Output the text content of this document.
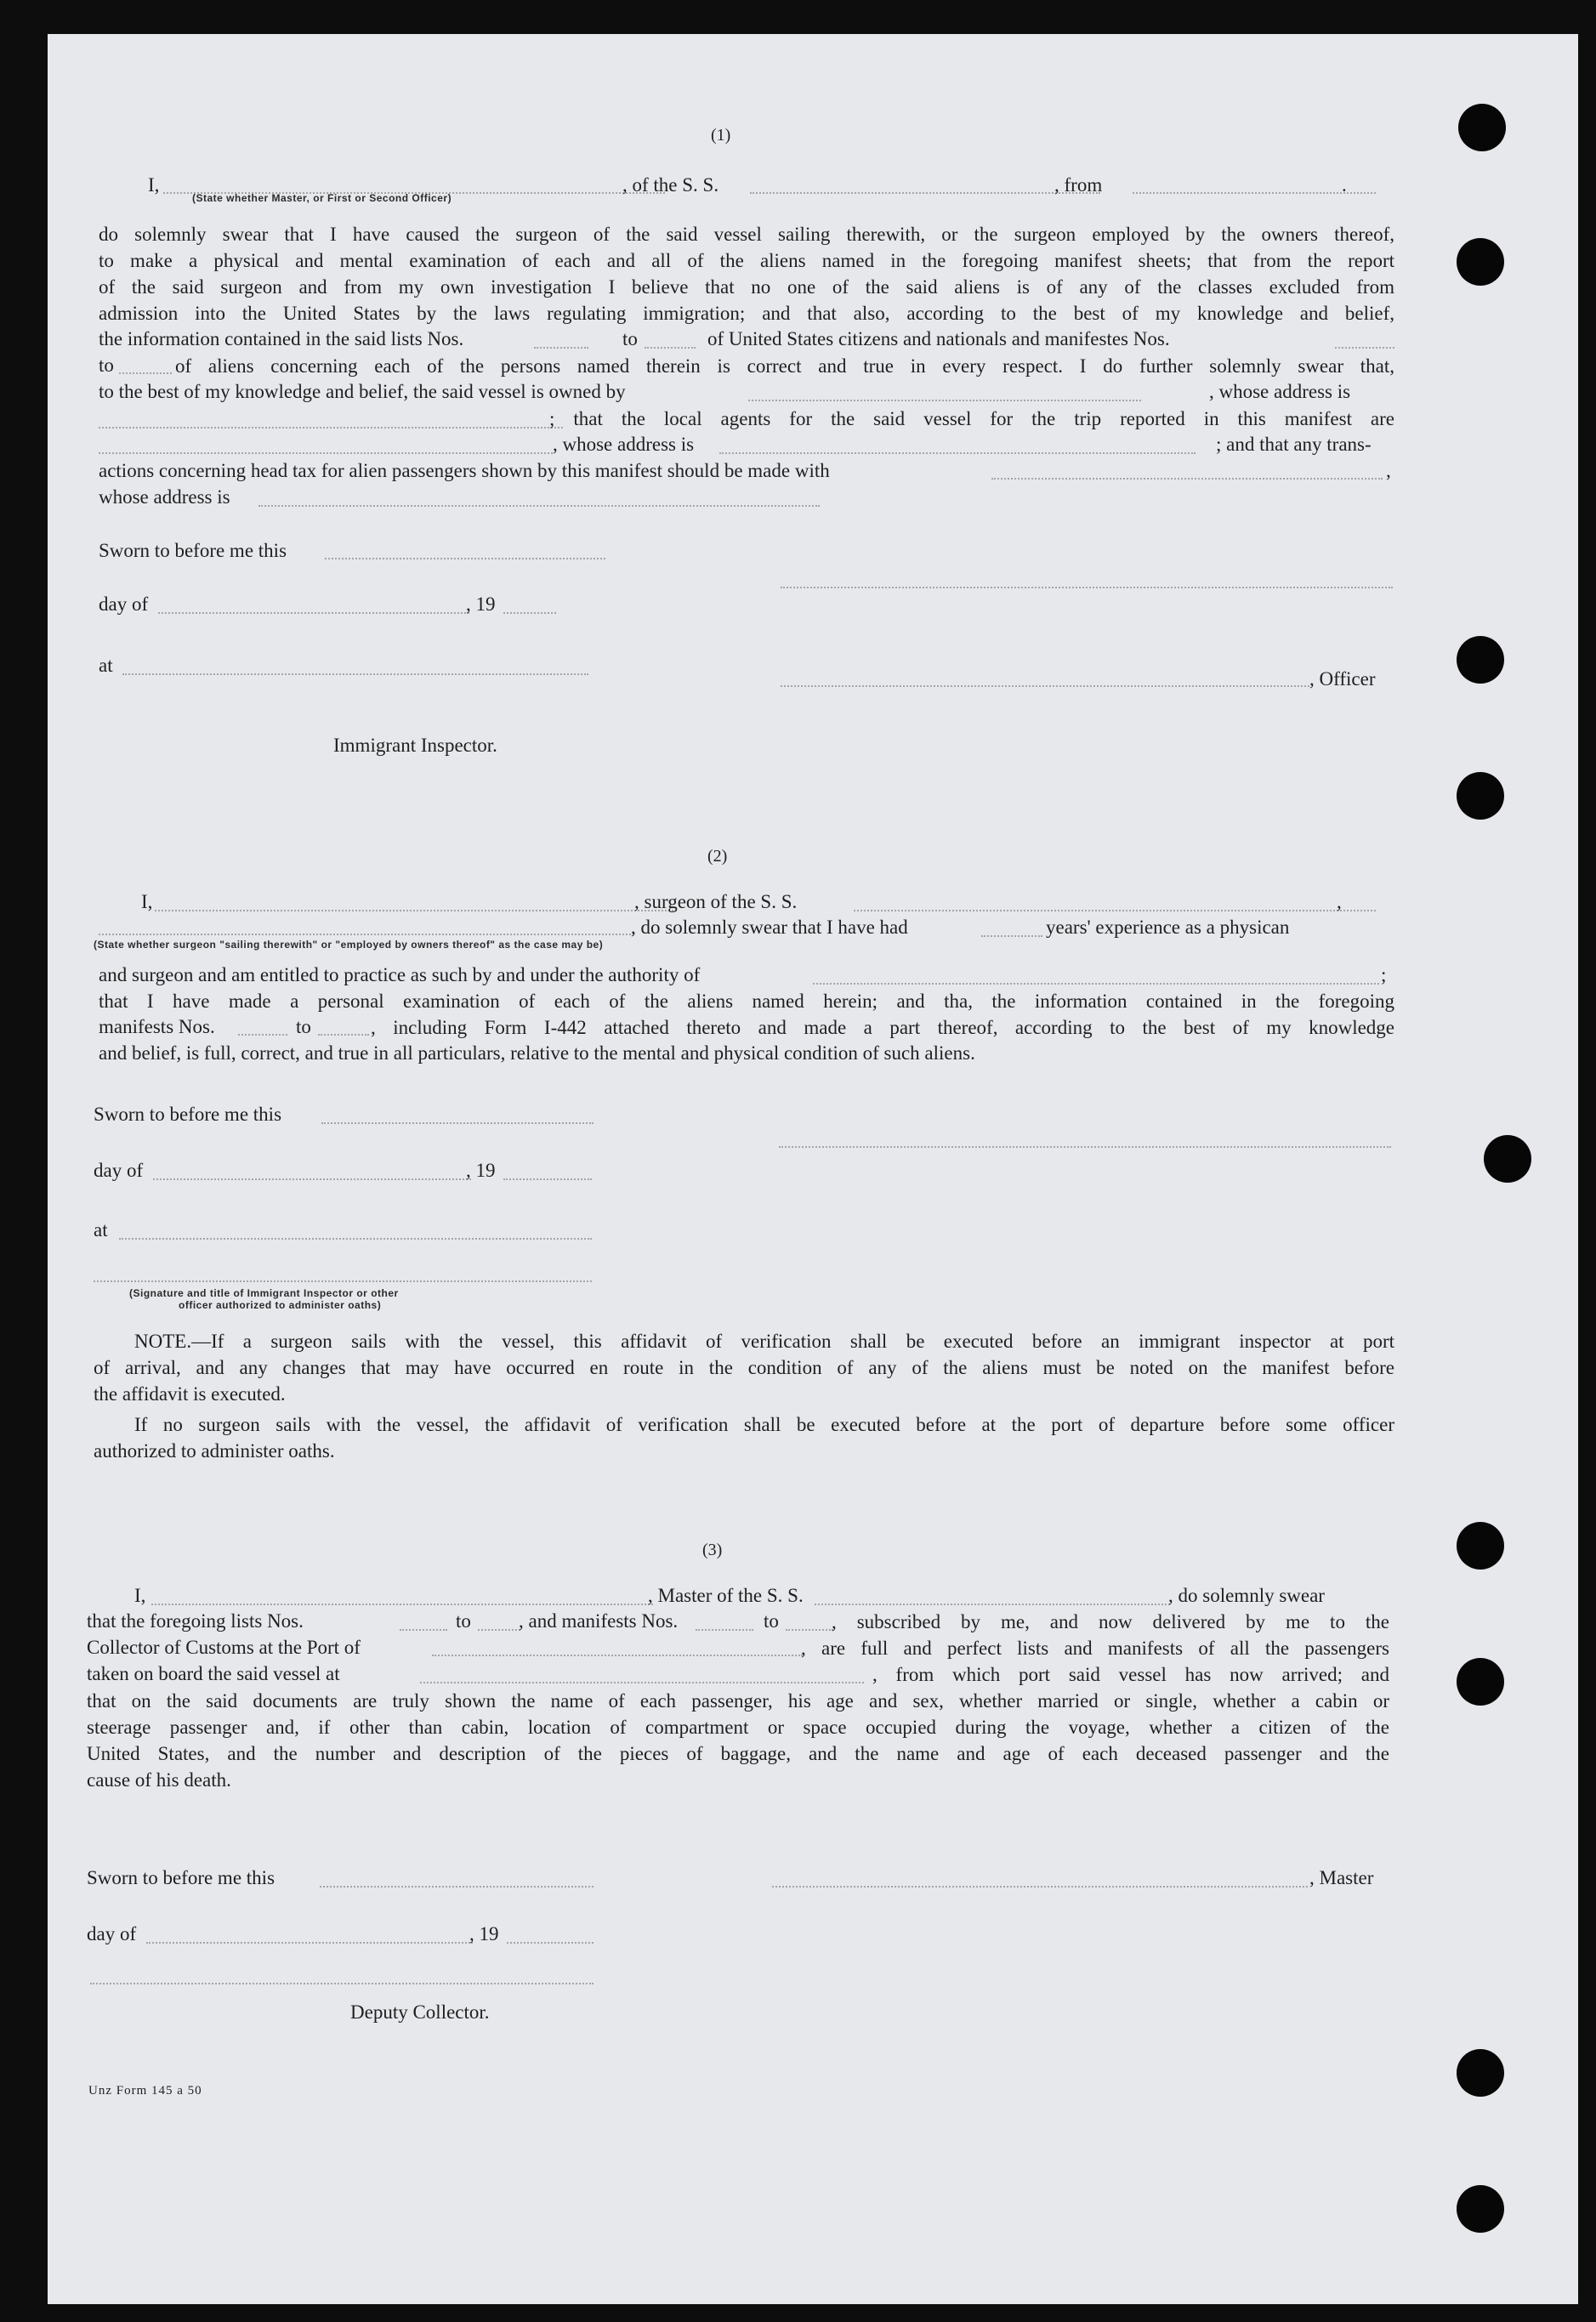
(1)
I,	, of the S. S.	, from	.
(State whether Master, or First or Second Officer)
do solemnly swear that I have caused the surgeon of the said vessel sailing therewith, or the surgeon employed by the owners thereof,
to make a physical and mental examination of each and all of the aliens named in the foregoing manifest sheets; that from the report
of the said surgeon and from my own investigation I believe that no one of the said aliens is of any of the classes excluded from
admission into the United States by the laws regulating immigration; and that also, according to the best of my knowledge and belief,
the information contained in the said lists Nos.	to	of United States citizens and nationals and manifestes Nos.
to	of aliens concerning each of the persons named therein is correct and true in every respect. I do further solemnly swear that,
to the best of my knowledge and belief, the said vessel is owned by	, whose address is
; that the local agents for the said vessel for the trip reported in this manifest are
, whose address is	; and that any trans-
actions concerning head tax for alien passengers shown by this manifest should be made with	,
whose address is
Sworn to before me this
day of	, 19
at
, Officer
Immigrant Inspector.
(2)
I,	, surgeon of the S. S.	,
, do solemnly swear that I have had	years' experience as a physican
(State whether surgeon "sailing therewith" or "employed by owners thereof" as the case may be)
and surgeon and am entitled to practice as such by and under the authority of	;
that I have made a personal examination of each of the aliens named herein; and tha, the information contained in the foregoing
manifests Nos.	to	, including Form I-442 attached thereto and made a part thereof, according to the best of my knowledge
and belief, is full, correct, and true in all particulars, relative to the mental and physical condition of such aliens.
Sworn to before me this
day of	, 19
at
(Signature and title of Immigrant Inspector or other
officer authorized to administer oaths)
NOTE.—If a surgeon sails with the vessel, this affidavit of verification shall be executed before an immigrant inspector at port
of arrival, and any changes that may have occurred en route in the condition of any of the aliens must be noted on the manifest before
the affidavit is executed.
If no surgeon sails with the vessel, the affidavit of verification shall be executed before at the port of departure before some officer
authorized to administer oaths.
(3)
I,	, Master of the S. S.	, do solemnly swear
that the foregoing lists Nos.	to , and manifests Nos.	to	, subscribed by me, and now delivered by me to the
Collector of Customs at the Port of	, are full and perfect lists and manifests of all the passengers
taken on board the said vessel at	, from which port said vessel has now arrived; and
that on the said documents are truly shown the name of each passenger, his age and sex, whether married or single, whether a cabin or
steerage passenger and, if other than cabin, location of compartment or space occupied during the voyage, whether a citizen of the
United States, and the number and description of the pieces of baggage, and the name and age of each deceased passenger and the
cause of his death.
Sworn to before me this	, Master
day of	, 19
Deputy Collector.
Unz Form 145 a 50
